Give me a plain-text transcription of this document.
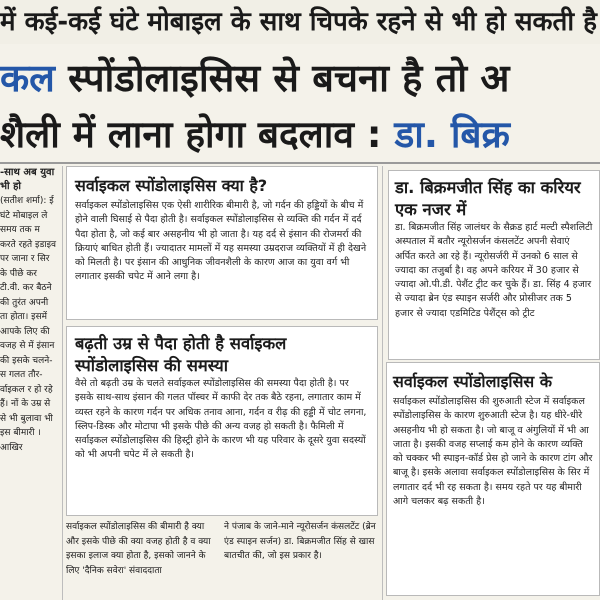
में कई-कई घंटे मोबाइल के साथ चिपके रहने से भी हो सकती है
कल स्पोंडोलाइसिस से बचना है तो अ
शैली में लाना होगा बदलाव : डा. बिक्र

-साथ अब युवा भी हो

(सतीश शर्मा): ई घंटे मोबाइल ले समय तक म करते रहते इडाइव पर जाना र सिर के पीछे कर टी.वी. कर बैठने की तुरंत अपनी ता होता। इसमें आपके लिए की वजह से में इंसान की इसके चलने- स गलत तौर- र्वाइकल र हो रहे हैं। नों के उम्र से से भी बुलावा भी इस बीमारी । आखिर

सर्वाइकल स्पोंडोलाइसिस क्या है?

सर्वाइकल स्पोंडोलाइसिस एक ऐसी शारीरिक बीमारी है, जो गर्दन की हड्डियों के बीच में होने वाली घिसाई से पैदा होती है। सर्वाइकल स्पोंडोलाइसिस से व्यक्ति की गर्दन में दर्द पैदा होता है, जो कई बार असहनीय भी हो जाता है। यह दर्द से इंसान की रोजमर्रा की क्रियाएं बाधित होती हैं। ज्यादातर मामलों में यह समस्या उम्रदराज व्यक्तियों में ही देखने को मिलती है। पर इंसान की आधुनिक जीवनशैली के कारण आज का युवा वर्ग भी लगातार इसकी चपेट में आने लगा है।

बढ़ती उम्र से पैदा होती है सर्वाइकल स्पोंडोलाइसिस की समस्या

वैसे तो बढ़ती उम्र के चलते सर्वाइकल स्पोंडोलाइसिस की समस्या पैदा होती है। पर इसके साथ-साथ इंसान की गलत पॉस्चर में काफी देर तक बैठे रहना, लगातार काम में व्यस्त रहने के कारण गर्दन पर अधिक तनाव आना, गर्दन व रीढ़ की हड्डी में चोट लगना, स्लिप-डिस्क और मोटापा भी इसके पीछे की अन्य वजह हो सकती है। फैमिली में सर्वाइकल स्पोंडोलाइसिस की हिस्ट्री होने के कारण भी यह परिवार के दूसरे युवा सदस्यों को भी अपनी चपेट में ले सकती है।

सर्वाइकल स्पोंडोलाइसिस की बीमारी है क्या और इसके पीछे की क्या वजह होती है व क्या इसका इलाज क्या होता है, इसको जानने के लिए 'दैनिक सवेरा' संवाददाता

ने पंजाब के जाने-माने न्यूरोसर्जन कंसलटेंट (ब्रेन एंड स्पाइन सर्जन) डा. बिक्रमजीत सिंह से खास बातचीत की, जो इस प्रकार है।

डा. बिक्रमजीत सिंह का करियर एक नजर में

डा. बिक्रमजीत सिंह जालंधर के सैक्रड हार्ट मल्टी स्पैशलिटी अस्पताल में बतौर न्यूरोसर्जन कंसलटेंट अपनी सेवाएं अर्पित करते आ रहे हैं। न्यूरोसर्जरी में उनको 6 साल से ज्यादा का तजुर्बा है। वह अपने करियर में 30 हजार से ज्यादा ओ.पी.डी. पेशैंट ट्रीट कर चुके हैं। डा. सिंह 4 हजार से ज्यादा ब्रेन एंड स्पाइन सर्जरी और प्रोसीजर तक 5 हजार से ज्यादा एडमिटिड पेशैंट्स को ट्रीट

सर्वाइकल स्पोंडोलाइसिस के

सर्वाइकल स्पोंडोलाइसिस की शुरुआती स्टेज में सर्वाइकल स्पोंडोलाइसिस के कारण शुरुआती स्टेज है। यह धीरे-धीरे असहनीय भी हो सकता है। जो बाजू व अंगुलियों में भी आ जाता है। इसकी वजह सप्लाई कम होने के कारण व्यक्ति को चक्कर भी स्पाइन-कॉर्ड प्रेस हो जाने के कारण टांग और बाजू है। इसके अलावा सर्वाइकल स्पोंडोलाइसिस के सिर में लगातार दर्द भी रह सकता है। समय रहते पर यह बीमारी आगे चलकर बढ़ सकती है।
